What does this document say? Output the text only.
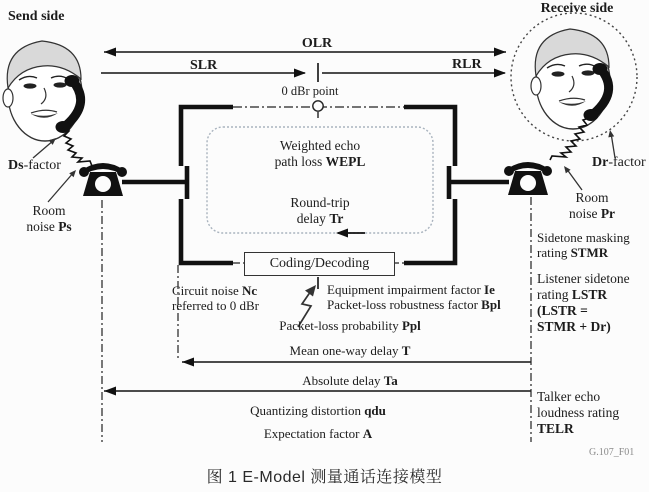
Send side
Receive side
OLR
SLR	RLR
0 dBr point
Weighted echo
path loss WEPL
Round-trip
delay Tr
Coding/Decoding
Circuit noise Nc
referred to 0 dBr
Equipment impairment factor Ie
Packet-loss robustness factor Bpl
Packet-loss probability Ppl
Mean one-way delay T
Absolute delay Ta
Quantizing distortion qdu
Expectation factor A
Ds-factor
Room
noise Ps
Dr-factor
Room
noise Pr
Sidetone masking
rating STMR
Listener sidetone
rating LSTR
(LSTR =
STMR + Dr)
Talker echo
loudness rating
TELR
G.107_F01
图 1 E-Model 测量通话连接模型
